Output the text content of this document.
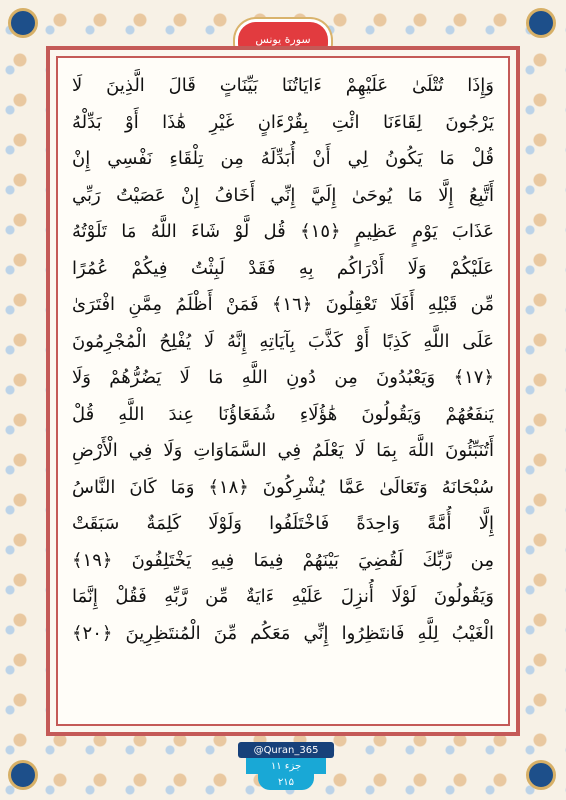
سورة يونس
وَإِذَا تُتْلَىٰ عَلَيْهِمْ ءَايَاتُنَا بَيِّنَاتٍ قَالَ الَّذِينَ لَا
يَرْجُونَ لِقَاءَنَا ائْتِ بِقُرْءَانٍ غَيْرِ هَٰذَا أَوْ بَدِّلْهُ
قُلْ مَا يَكُونُ لِي أَنْ أُبَدِّلَهُ مِن تِلْقَاءِ نَفْسِي إِنْ
أَتَّبِعُ إِلَّا مَا يُوحَىٰ إِلَيَّ إِنِّي أَخَافُ إِنْ عَصَيْتُ رَبِّي
عَذَابَ يَوْمٍ عَظِيمٍ ﴿١٥﴾ قُل لَّوْ شَاءَ اللَّهُ مَا تَلَوْتُهُ
عَلَيْكُمْ وَلَا أَدْرَاكُم بِهِ فَقَدْ لَبِثْتُ فِيكُمْ عُمُرًا
مِّن قَبْلِهِ أَفَلَا تَعْقِلُونَ ﴿١٦﴾ فَمَنْ أَظْلَمُ مِمَّنِ افْتَرَىٰ
عَلَى اللَّهِ كَذِبًا أَوْ كَذَّبَ بِآيَاتِهِ إِنَّهُ لَا يُفْلِحُ الْمُجْرِمُونَ
﴿١٧﴾ وَيَعْبُدُونَ مِن دُونِ اللَّهِ مَا لَا يَضُرُّهُمْ وَلَا
يَنفَعُهُمْ وَيَقُولُونَ هَٰؤُلَاءِ شُفَعَاؤُنَا عِندَ اللَّهِ قُلْ
أَتُنَبِّئُونَ اللَّهَ بِمَا لَا يَعْلَمُ فِي السَّمَاوَاتِ وَلَا فِي الْأَرْضِ
سُبْحَانَهُ وَتَعَالَىٰ عَمَّا يُشْرِكُونَ ﴿١٨﴾ وَمَا كَانَ النَّاسُ
إِلَّا أُمَّةً وَاحِدَةً فَاخْتَلَفُوا وَلَوْلَا كَلِمَةٌ سَبَقَتْ
مِن رَّبِّكَ لَقُضِيَ بَيْنَهُمْ فِيمَا فِيهِ يَخْتَلِفُونَ ﴿١٩﴾
وَيَقُولُونَ لَوْلَا أُنزِلَ عَلَيْهِ ءَايَةٌ مِّن رَّبِّهِ فَقُلْ إِنَّمَا
الْغَيْبُ لِلَّهِ فَانتَظِرُوا إِنِّي مَعَكُم مِّنَ الْمُنتَظِرِينَ ﴿٢٠﴾
@Quran_365
جزء ۱۱
۲۱۵
